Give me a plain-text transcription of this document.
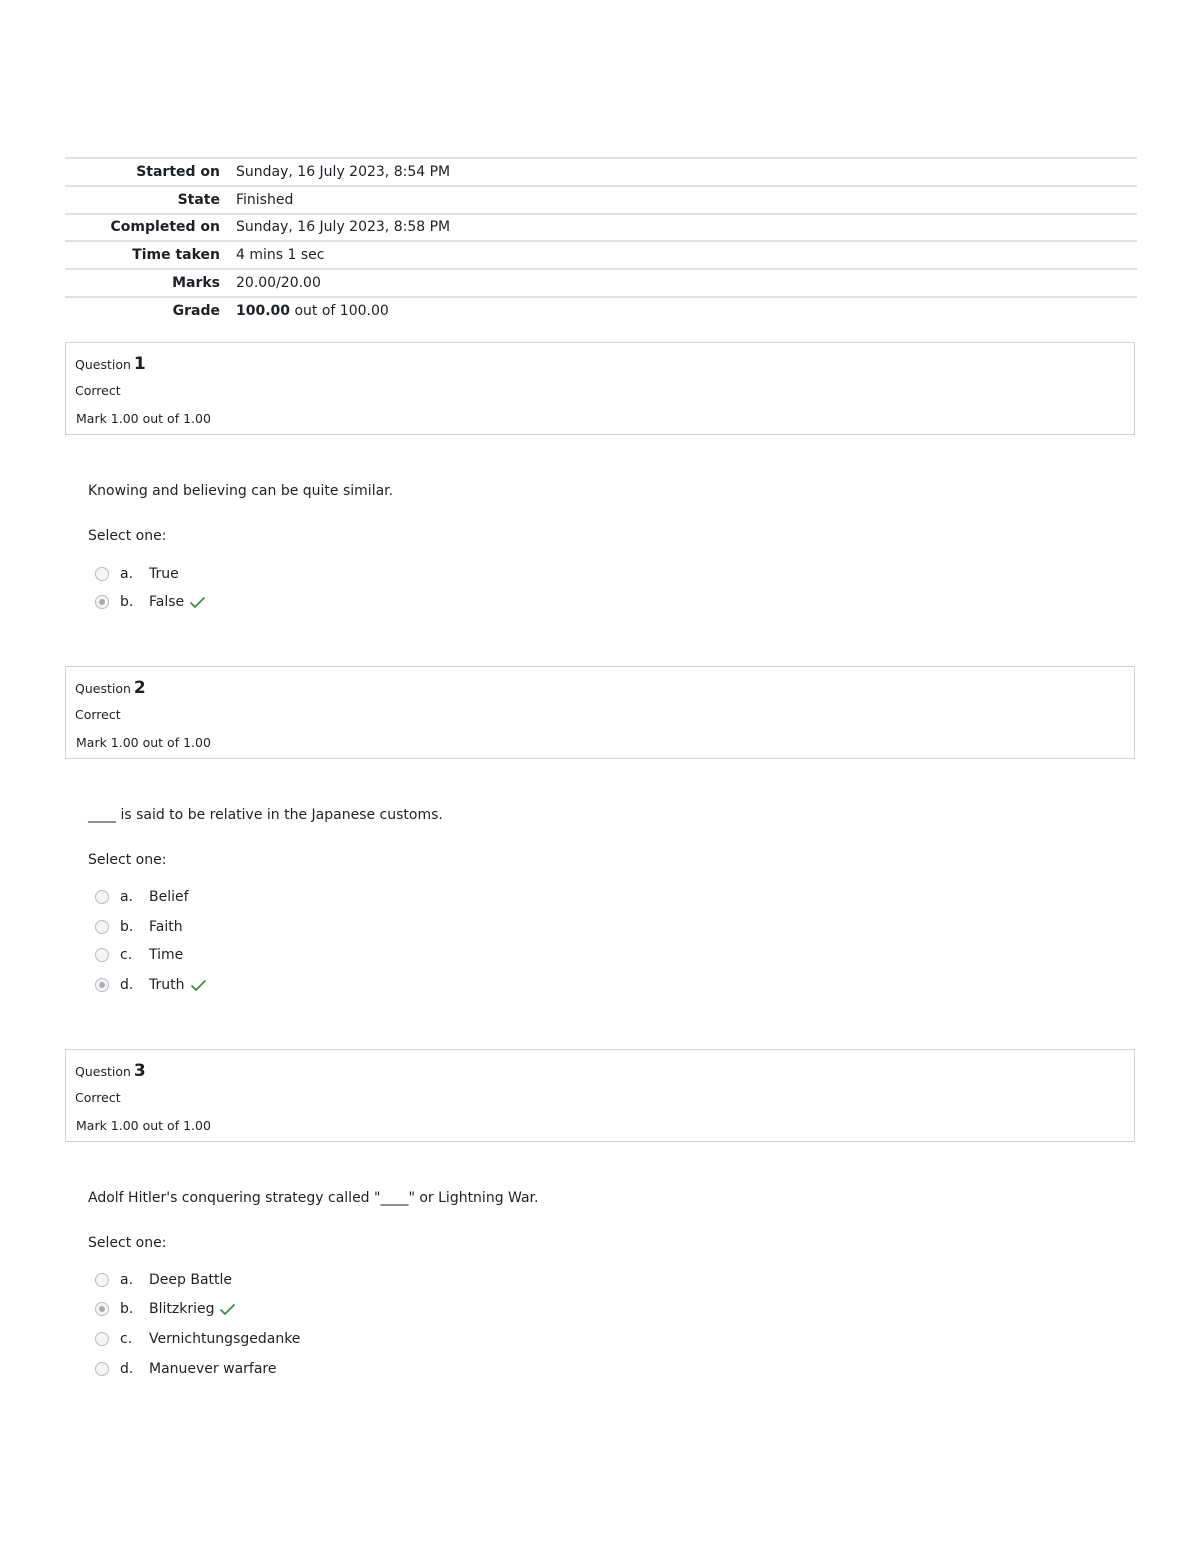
Started on	Sunday, 16 July 2023, 8:54 PM
State	Finished
Completed on	Sunday, 16 July 2023, 8:58 PM
Time taken	4 mins 1 sec
Marks	20.00/20.00
Grade	100.00 out of 100.00
Question 1
Correct
Mark 1.00 out of 1.00
Knowing and believing can be quite similar.
Select one:
a.	True
b.	False
Question 2
Correct
Mark 1.00 out of 1.00
____ is said to be relative in the Japanese customs.
Select one:
a.	Belief
b.	Faith
c.	Time
d.	Truth
Question 3
Correct
Mark 1.00 out of 1.00
Adolf Hitler's conquering strategy called "____" or Lightning War.
Select one:
a.	Deep Battle
b.	Blitzkrieg
c.	Vernichtungsgedanke
d.	Manuever warfare
